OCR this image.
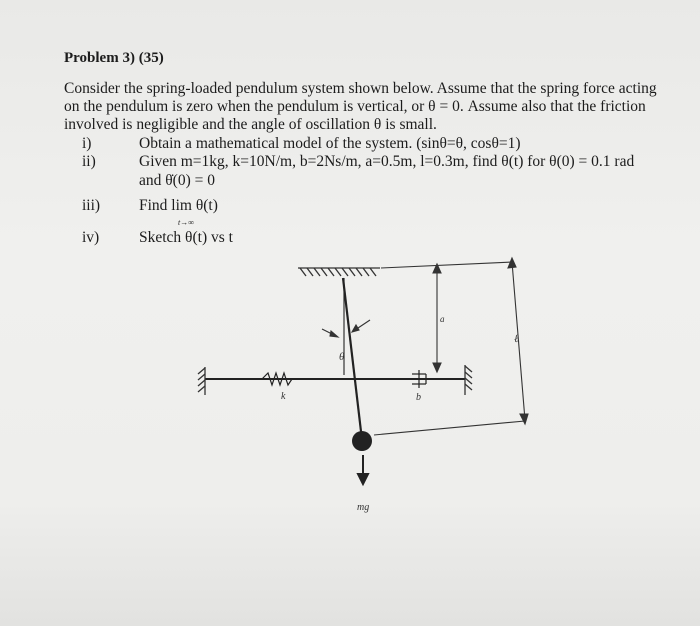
Problem 3) (35)
Consider the spring-loaded pendulum system shown below. Assume that the spring force acting on the pendulum is zero when the pendulum is vertical, or θ = 0. Assume also that the friction involved is negligible and the angle of oscillation θ is small.
i)	Obtain a mathematical model of the system. (sinθ=θ, cosθ=1)
ii)	Given m=1kg, k=10N/m, b=2Ns/m, a=0.5m, l=0.3m, find θ(t) for θ(0) = 0.1 rad
and θ̇(0) = 0
iii)	Find lim θ(t)
t→∞
iv)	Sketch θ(t) vs t
θ
k	b
a
ℓ
mg
